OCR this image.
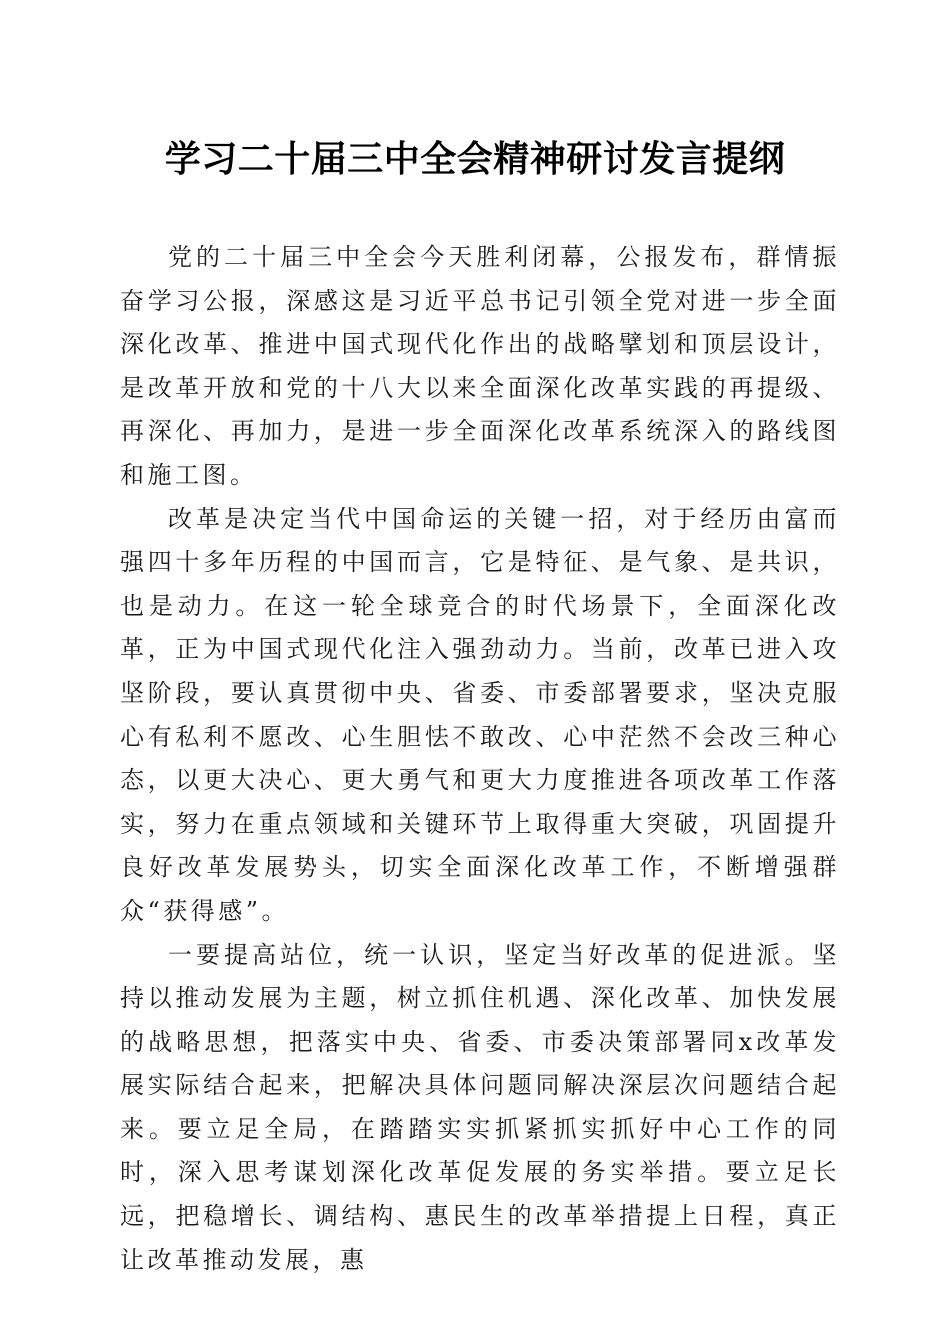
学习二十届三中全会精神研讨发言提纲

党的二十届三中全会今天胜利闭幕，公报发布，群情振奋学习公报，深感这是习近平总书记引领全党对进一步全面深化改革、推进中国式现代化作出的战略擘划和顶层设计，是改革开放和党的十八大以来全面深化改革实践的再提级、再深化、再加力，是进一步全面深化改革系统深入的路线图和施工图。

改革是决定当代中国命运的关键一招，对于经历由富而强四十多年历程的中国而言，它是特征、是气象、是共识，也是动力。在这一轮全球竞合的时代场景下，全面深化改革，正为中国式现代化注入强劲动力。当前，改革已进入攻坚阶段，要认真贯彻中央、省委、市委部署要求，坚决克服心有私利不愿改、心生胆怯不敢改、心中茫然不会改三种心态，以更大决心、更大勇气和更大力度推进各项改革工作落实，努力在重点领域和关键环节上取得重大突破，巩固提升良好改革发展势头，切实全面深化改革工作，不断增强群众“获得感”。

一要提高站位，统一认识，坚定当好改革的促进派。坚持以推动发展为主题，树立抓住机遇、深化改革、加快发展的战略思想，把落实中央、省委、市委决策部署同x改革发展实际结合起来，把解决具体问题同解决深层次问题结合起来。要立足全局，在踏踏实实抓紧抓实抓好中心工作的同时，深入思考谋划深化改革促发展的务实举措。要立足长远，把稳增长、调结构、惠民生的改革举措提上日程，真正让改革推动发展，惠
